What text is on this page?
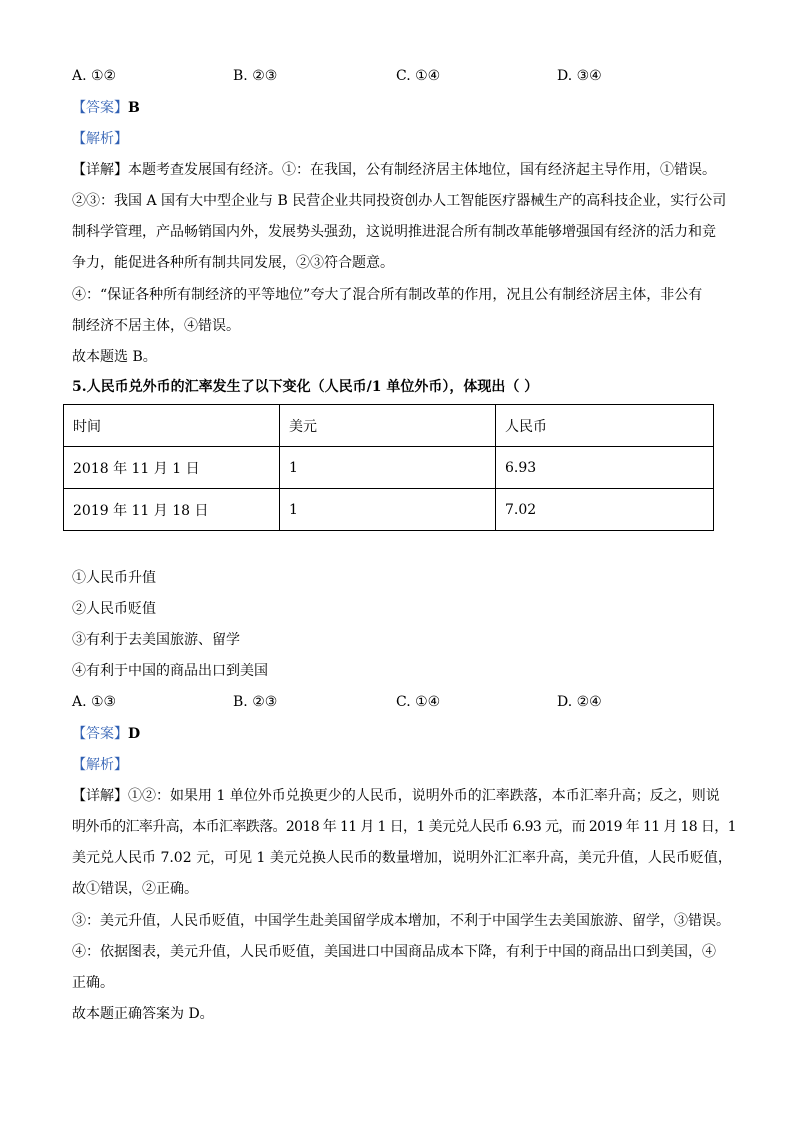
A. ①②	B. ②③	C. ①④	D. ③④
【答案】B
【解析】
【详解】本题考查发展国有经济。①：在我国，公有制经济居主体地位，国有经济起主导作用，①错误。
②③：我国 A 国有大中型企业与 B 民营企业共同投资创办人工智能医疗器械生产的高科技企业，实行公司
制科学管理，产品畅销国内外，发展势头强劲，这说明推进混合所有制改革能够增强国有经济的活力和竞
争力，能促进各种所有制共同发展，②③符合题意。
④：“保证各种所有制经济的平等地位”夸大了混合所有制改革的作用，况且公有制经济居主体，非公有
制经济不居主体，④错误。
故本题选 B。
5.人民币兑外币的汇率发生了以下变化（人民币/1 单位外币），体现出（ ）
时间	美元	人民币
2018 年 11 月 1 日	1	6.93
2019 年 11 月 18 日	1	7.02
①人民币升值
②人民币贬值
③有利于去美国旅游、留学
④有利于中国的商品出口到美国
A. ①③	B. ②③	C. ①④	D. ②④
【答案】D
【解析】
【详解】①②：如果用 1 单位外币兑换更少的人民币，说明外币的汇率跌落，本币汇率升高；反之，则说
明外币的汇率升高，本币汇率跌落。2018 年 11 月 1 日，1 美元兑人民币 6.93 元，而 2019 年 11 月 18 日，1
美元兑人民币 7.02 元，可见 1 美元兑换人民币的数量增加，说明外汇汇率升高，美元升值，人民币贬值，
故①错误，②正确。
③：美元升值，人民币贬值，中国学生赴美国留学成本增加，不利于中国学生去美国旅游、留学，③错误。
④：依据图表，美元升值，人民币贬值，美国进口中国商品成本下降，有利于中国的商品出口到美国，④
正确。
故本题正确答案为 D。
